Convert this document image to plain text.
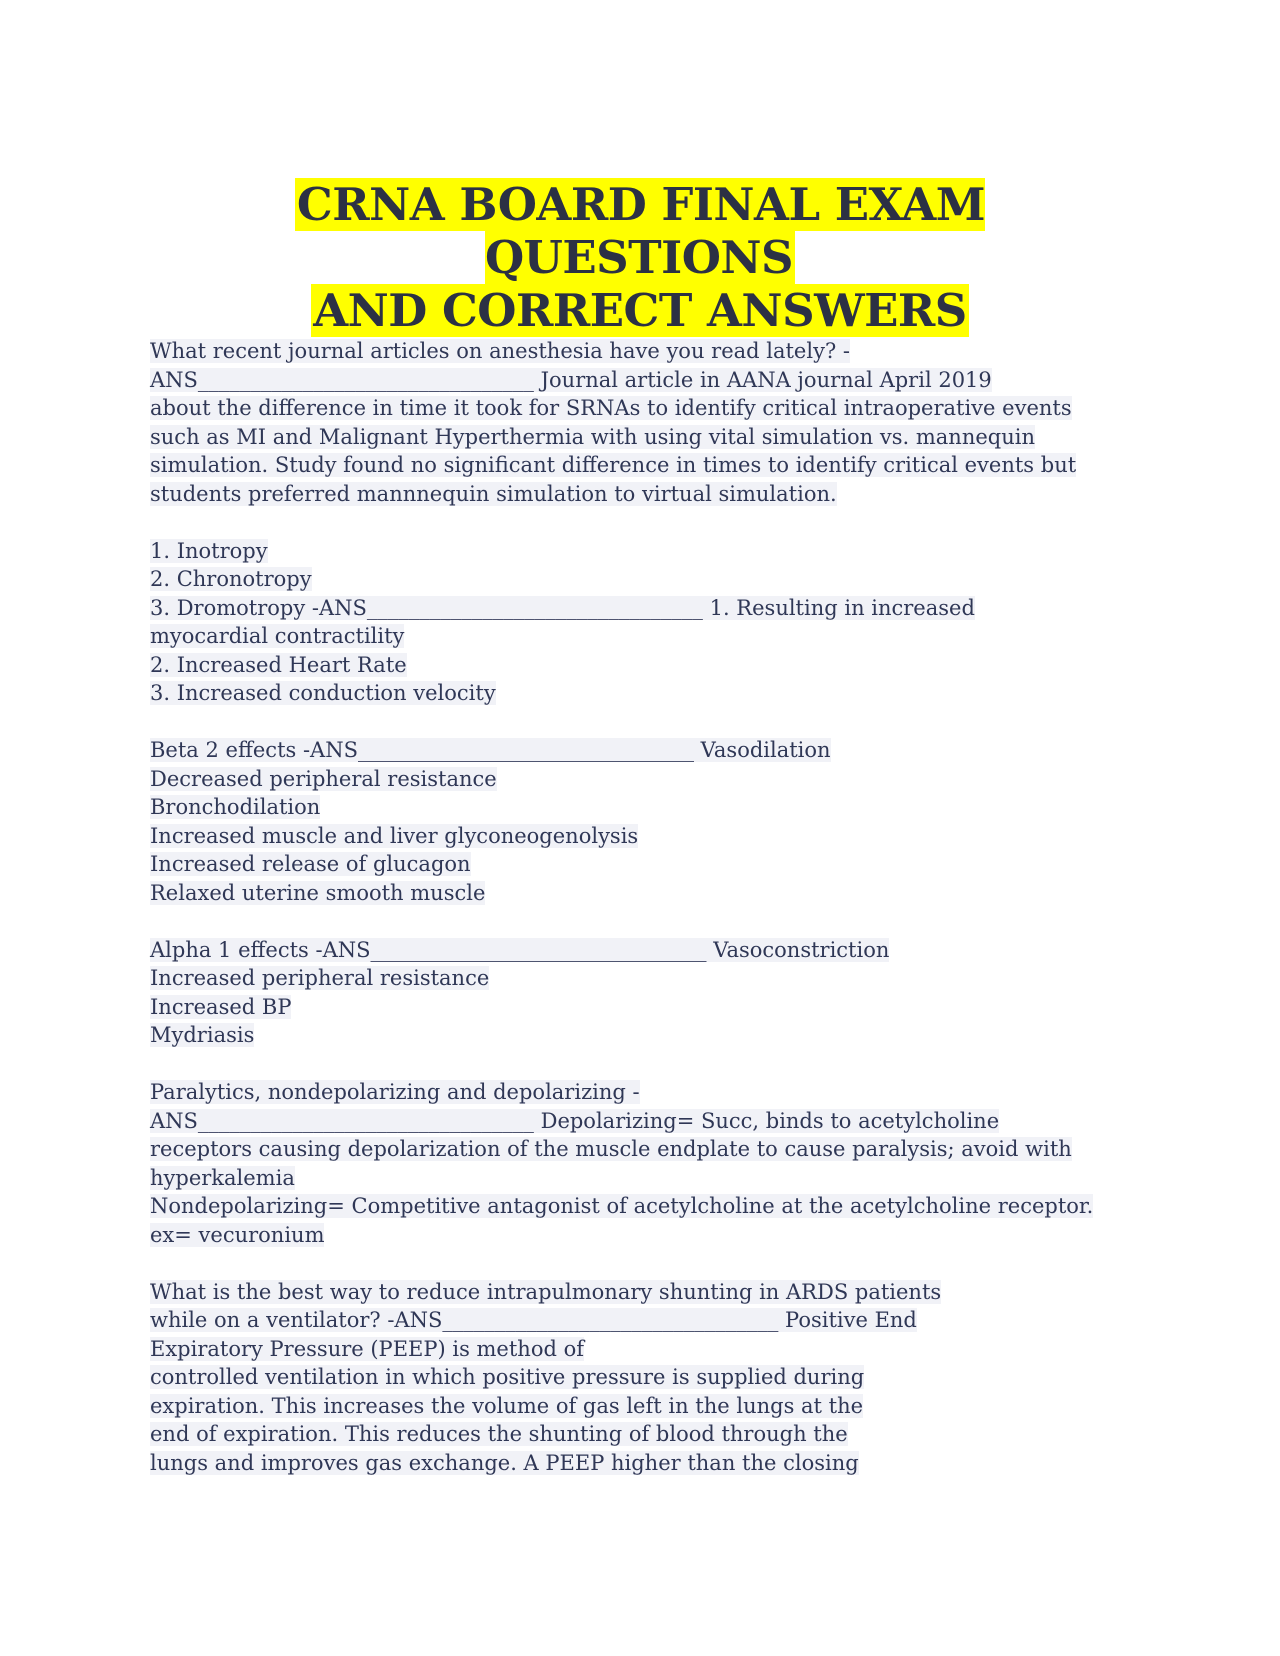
CRNA BOARD FINAL EXAM QUESTIONS
AND CORRECT ANSWERS
What recent journal articles on anesthesia have you read lately? -
ANS________________________________ Journal article in AANA journal April 2019
about the difference in time it took for SRNAs to identify critical intraoperative events
such as MI and Malignant Hyperthermia with using vital simulation vs. mannequin
simulation. Study found no significant difference in times to identify critical events but
students preferred mannnequin simulation to virtual simulation.
1. Inotropy
2. Chronotropy
3. Dromotropy -ANS________________________________ 1. Resulting in increased
myocardial contractility
2. Increased Heart Rate
3. Increased conduction velocity
Beta 2 effects -ANS________________________________ Vasodilation
Decreased peripheral resistance
Bronchodilation
Increased muscle and liver glyconeogenolysis
Increased release of glucagon
Relaxed uterine smooth muscle
Alpha 1 effects -ANS________________________________ Vasoconstriction
Increased peripheral resistance
Increased BP
Mydriasis
Paralytics, nondepolarizing and depolarizing -
ANS________________________________ Depolarizing= Succ, binds to acetylcholine
receptors causing depolarization of the muscle endplate to cause paralysis; avoid with
hyperkalemia
Nondepolarizing= Competitive antagonist of acetylcholine at the acetylcholine receptor.
ex= vecuronium
What is the best way to reduce intrapulmonary shunting in ARDS patients
while on a ventilator? -ANS________________________________ Positive End
Expiratory Pressure (PEEP) is method of
controlled ventilation in which positive pressure is supplied during
expiration. This increases the volume of gas left in the lungs at the
end of expiration. This reduces the shunting of blood through the
lungs and improves gas exchange. A PEEP higher than the closing
